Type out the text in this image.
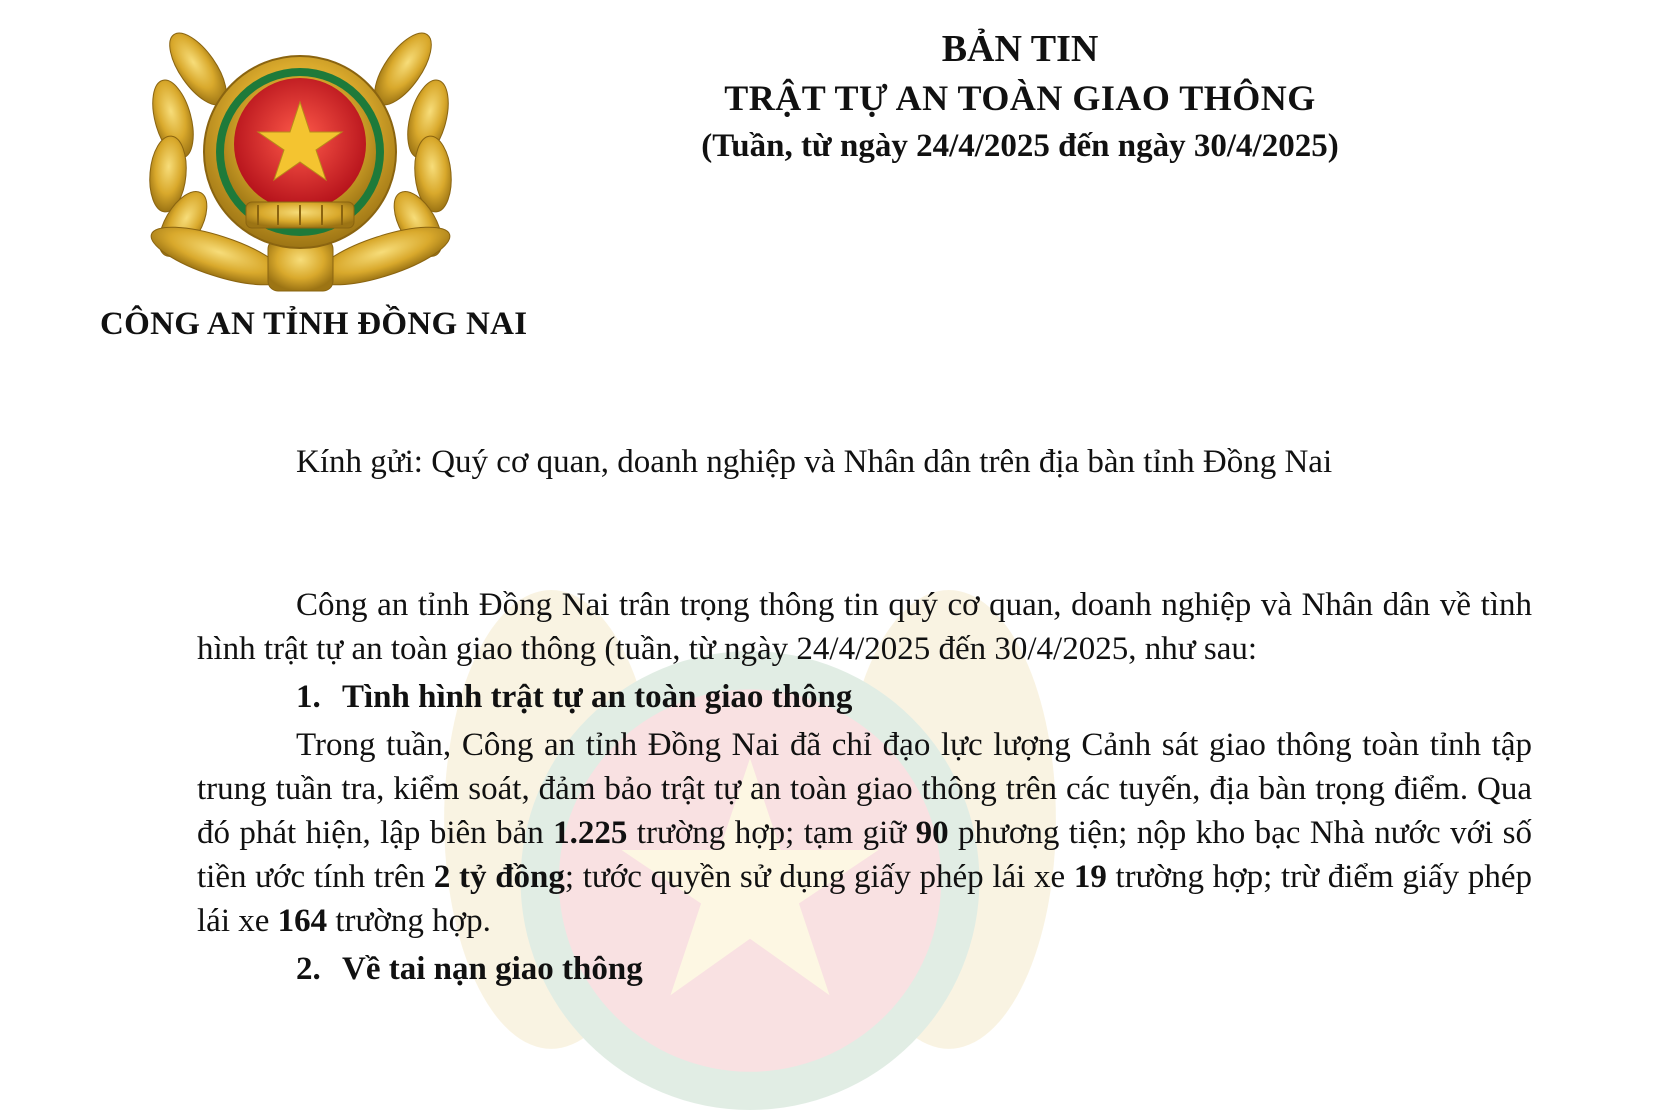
CÔNG AN TỈNH ĐỒNG NAI
BẢN TIN
TRẬT TỰ AN TOÀN GIAO THÔNG
(Tuần, từ ngày 24/4/2025 đến ngày 30/4/2025)
Kính gửi: Quý cơ quan, doanh nghiệp và Nhân dân trên địa bàn tỉnh Đồng Nai

Công an tỉnh Đồng Nai trân trọng thông tin quý cơ quan, doanh nghiệp và Nhân dân về tình hình trật tự an toàn giao thông (tuần, từ ngày 24/4/2025 đến 30/4/2025, như sau:

1. Tình hình trật tự an toàn giao thông

Trong tuần, Công an tỉnh Đồng Nai đã chỉ đạo lực lượng Cảnh sát giao thông toàn tỉnh tập trung tuần tra, kiểm soát, đảm bảo trật tự an toàn giao thông trên các tuyến, địa bàn trọng điểm. Qua đó phát hiện, lập biên bản 1.225 trường hợp; tạm giữ 90 phương tiện; nộp kho bạc Nhà nước với số tiền ước tính trên 2 tỷ đồng; tước quyền sử dụng giấy phép lái xe 19 trường hợp; trừ điểm giấy phép lái xe 164 trường hợp.

2. Về tai nạn giao thông
